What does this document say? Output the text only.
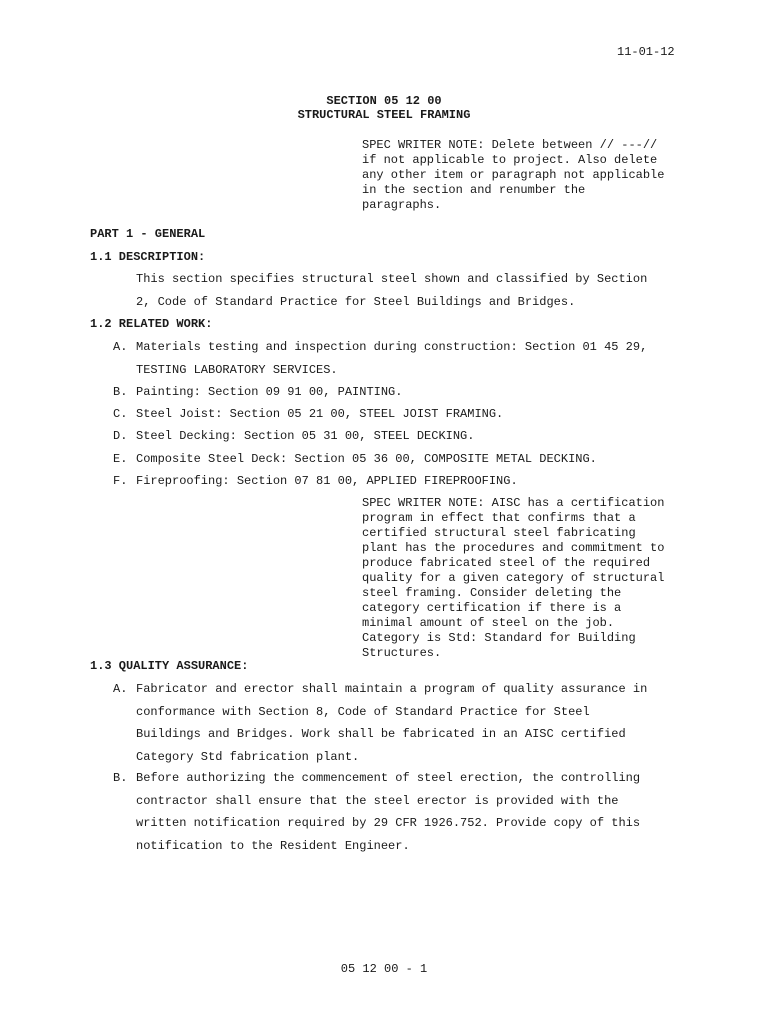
11-01-12
SECTION 05 12 00
STRUCTURAL STEEL FRAMING
SPEC WRITER NOTE: Delete between // ---//
if not applicable to project. Also delete
any other item or paragraph not applicable
in the section and renumber the
paragraphs.
PART 1 - GENERAL
1.1 DESCRIPTION:
This section specifies structural steel shown and classified by Section
2, Code of Standard Practice for Steel Buildings and Bridges.
1.2 RELATED WORK:
A. Materials testing and inspection during construction: Section 01 45 29,
TESTING LABORATORY SERVICES.
B. Painting: Section 09 91 00, PAINTING.
C. Steel Joist: Section 05 21 00, STEEL JOIST FRAMING.
D. Steel Decking: Section 05 31 00, STEEL DECKING.
E. Composite Steel Deck: Section 05 36 00, COMPOSITE METAL DECKING.
F. Fireproofing: Section 07 81 00, APPLIED FIREPROOFING.
SPEC WRITER NOTE: AISC has a certification
program in effect that confirms that a
certified structural steel fabricating
plant has the procedures and commitment to
produce fabricated steel of the required
quality for a given category of structural
steel framing. Consider deleting the
category certification if there is a
minimal amount of steel on the job.
Category is Std: Standard for Building
Structures.
1.3 QUALITY ASSURANCE:
A. Fabricator and erector shall maintain a program of quality assurance in
conformance with Section 8, Code of Standard Practice for Steel
Buildings and Bridges. Work shall be fabricated in an AISC certified
Category Std fabrication plant.
B. Before authorizing the commencement of steel erection, the controlling
contractor shall ensure that the steel erector is provided with the
written notification required by 29 CFR 1926.752. Provide copy of this
notification to the Resident Engineer.
05 12 00 - 1
